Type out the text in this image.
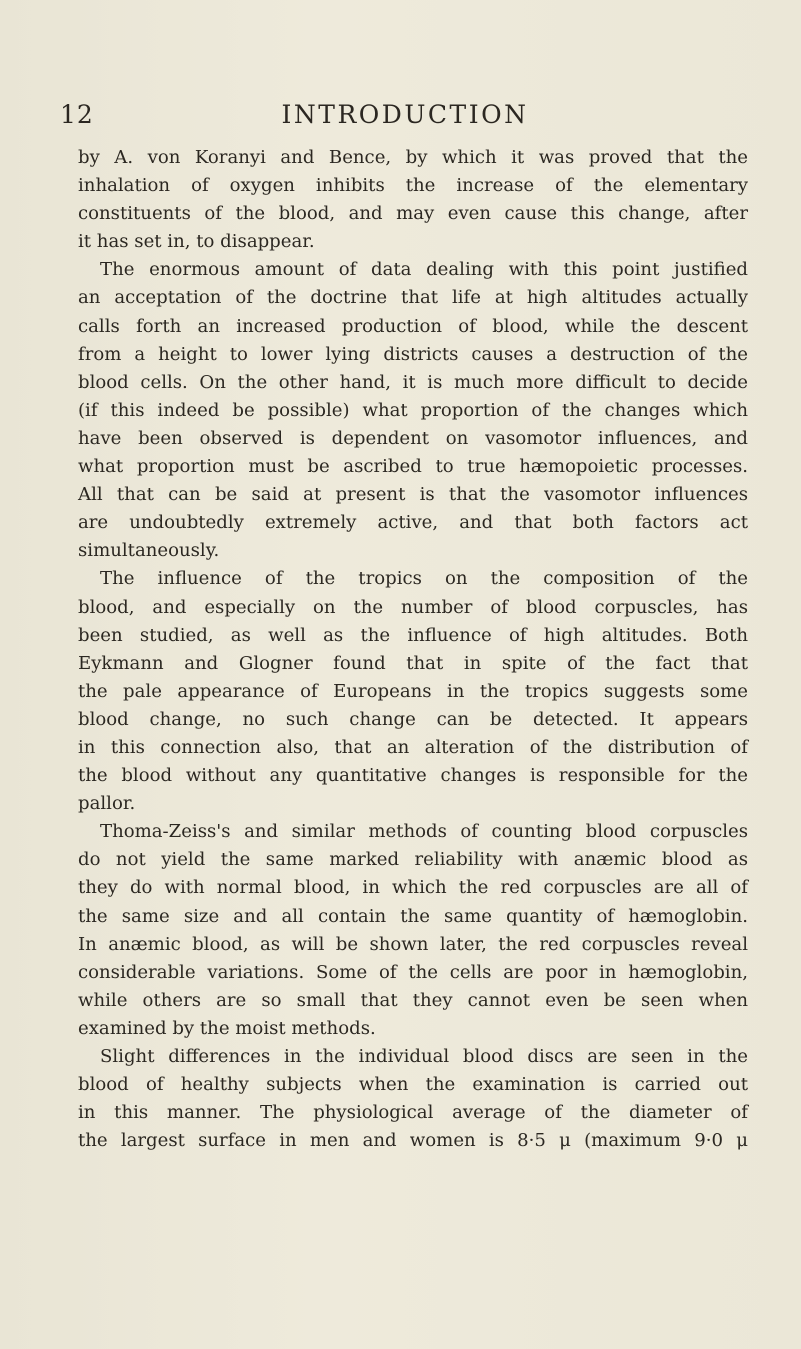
12	INTRODUCTION

by A. von Koranyi and Bence, by which it was proved that the
inhalation of oxygen inhibits the increase of the elementary
constituents of the blood, and may even cause this change, after
it has set in, to disappear.

The enormous amount of data dealing with this point justified
an acceptation of the doctrine that life at high altitudes actually
calls forth an increased production of blood, while the descent
from a height to lower lying districts causes a destruction of the
blood cells. On the other hand, it is much more difficult to decide
(if this indeed be possible) what proportion of the changes which
have been observed is dependent on vasomotor influences, and
what proportion must be ascribed to true hæmopoietic processes.
All that can be said at present is that the vasomotor influences
are undoubtedly extremely active, and that both factors act
simultaneously.

The influence of the tropics on the composition of the
blood, and especially on the number of blood corpuscles, has
been studied, as well as the influence of high altitudes. Both
Eykmann and Glogner found that in spite of the fact that
the pale appearance of Europeans in the tropics suggests some
blood change, no such change can be detected. It appears
in this connection also, that an alteration of the distribution of
the blood without any quantitative changes is responsible for the
pallor.

Thoma-Zeiss's and similar methods of counting blood corpuscles
do not yield the same marked reliability with anæmic blood as
they do with normal blood, in which the red corpuscles are all of
the same size and all contain the same quantity of hæmoglobin.
In anæmic blood, as will be shown later, the red corpuscles reveal
considerable variations. Some of the cells are poor in hæmoglobin,
while others are so small that they cannot even be seen when
examined by the moist methods.

Slight differences in the individual blood discs are seen in the
blood of healthy subjects when the examination is carried out
in this manner. The physiological average of the diameter of
the largest surface in men and women is 8·5 μ (maximum 9·0 μ
